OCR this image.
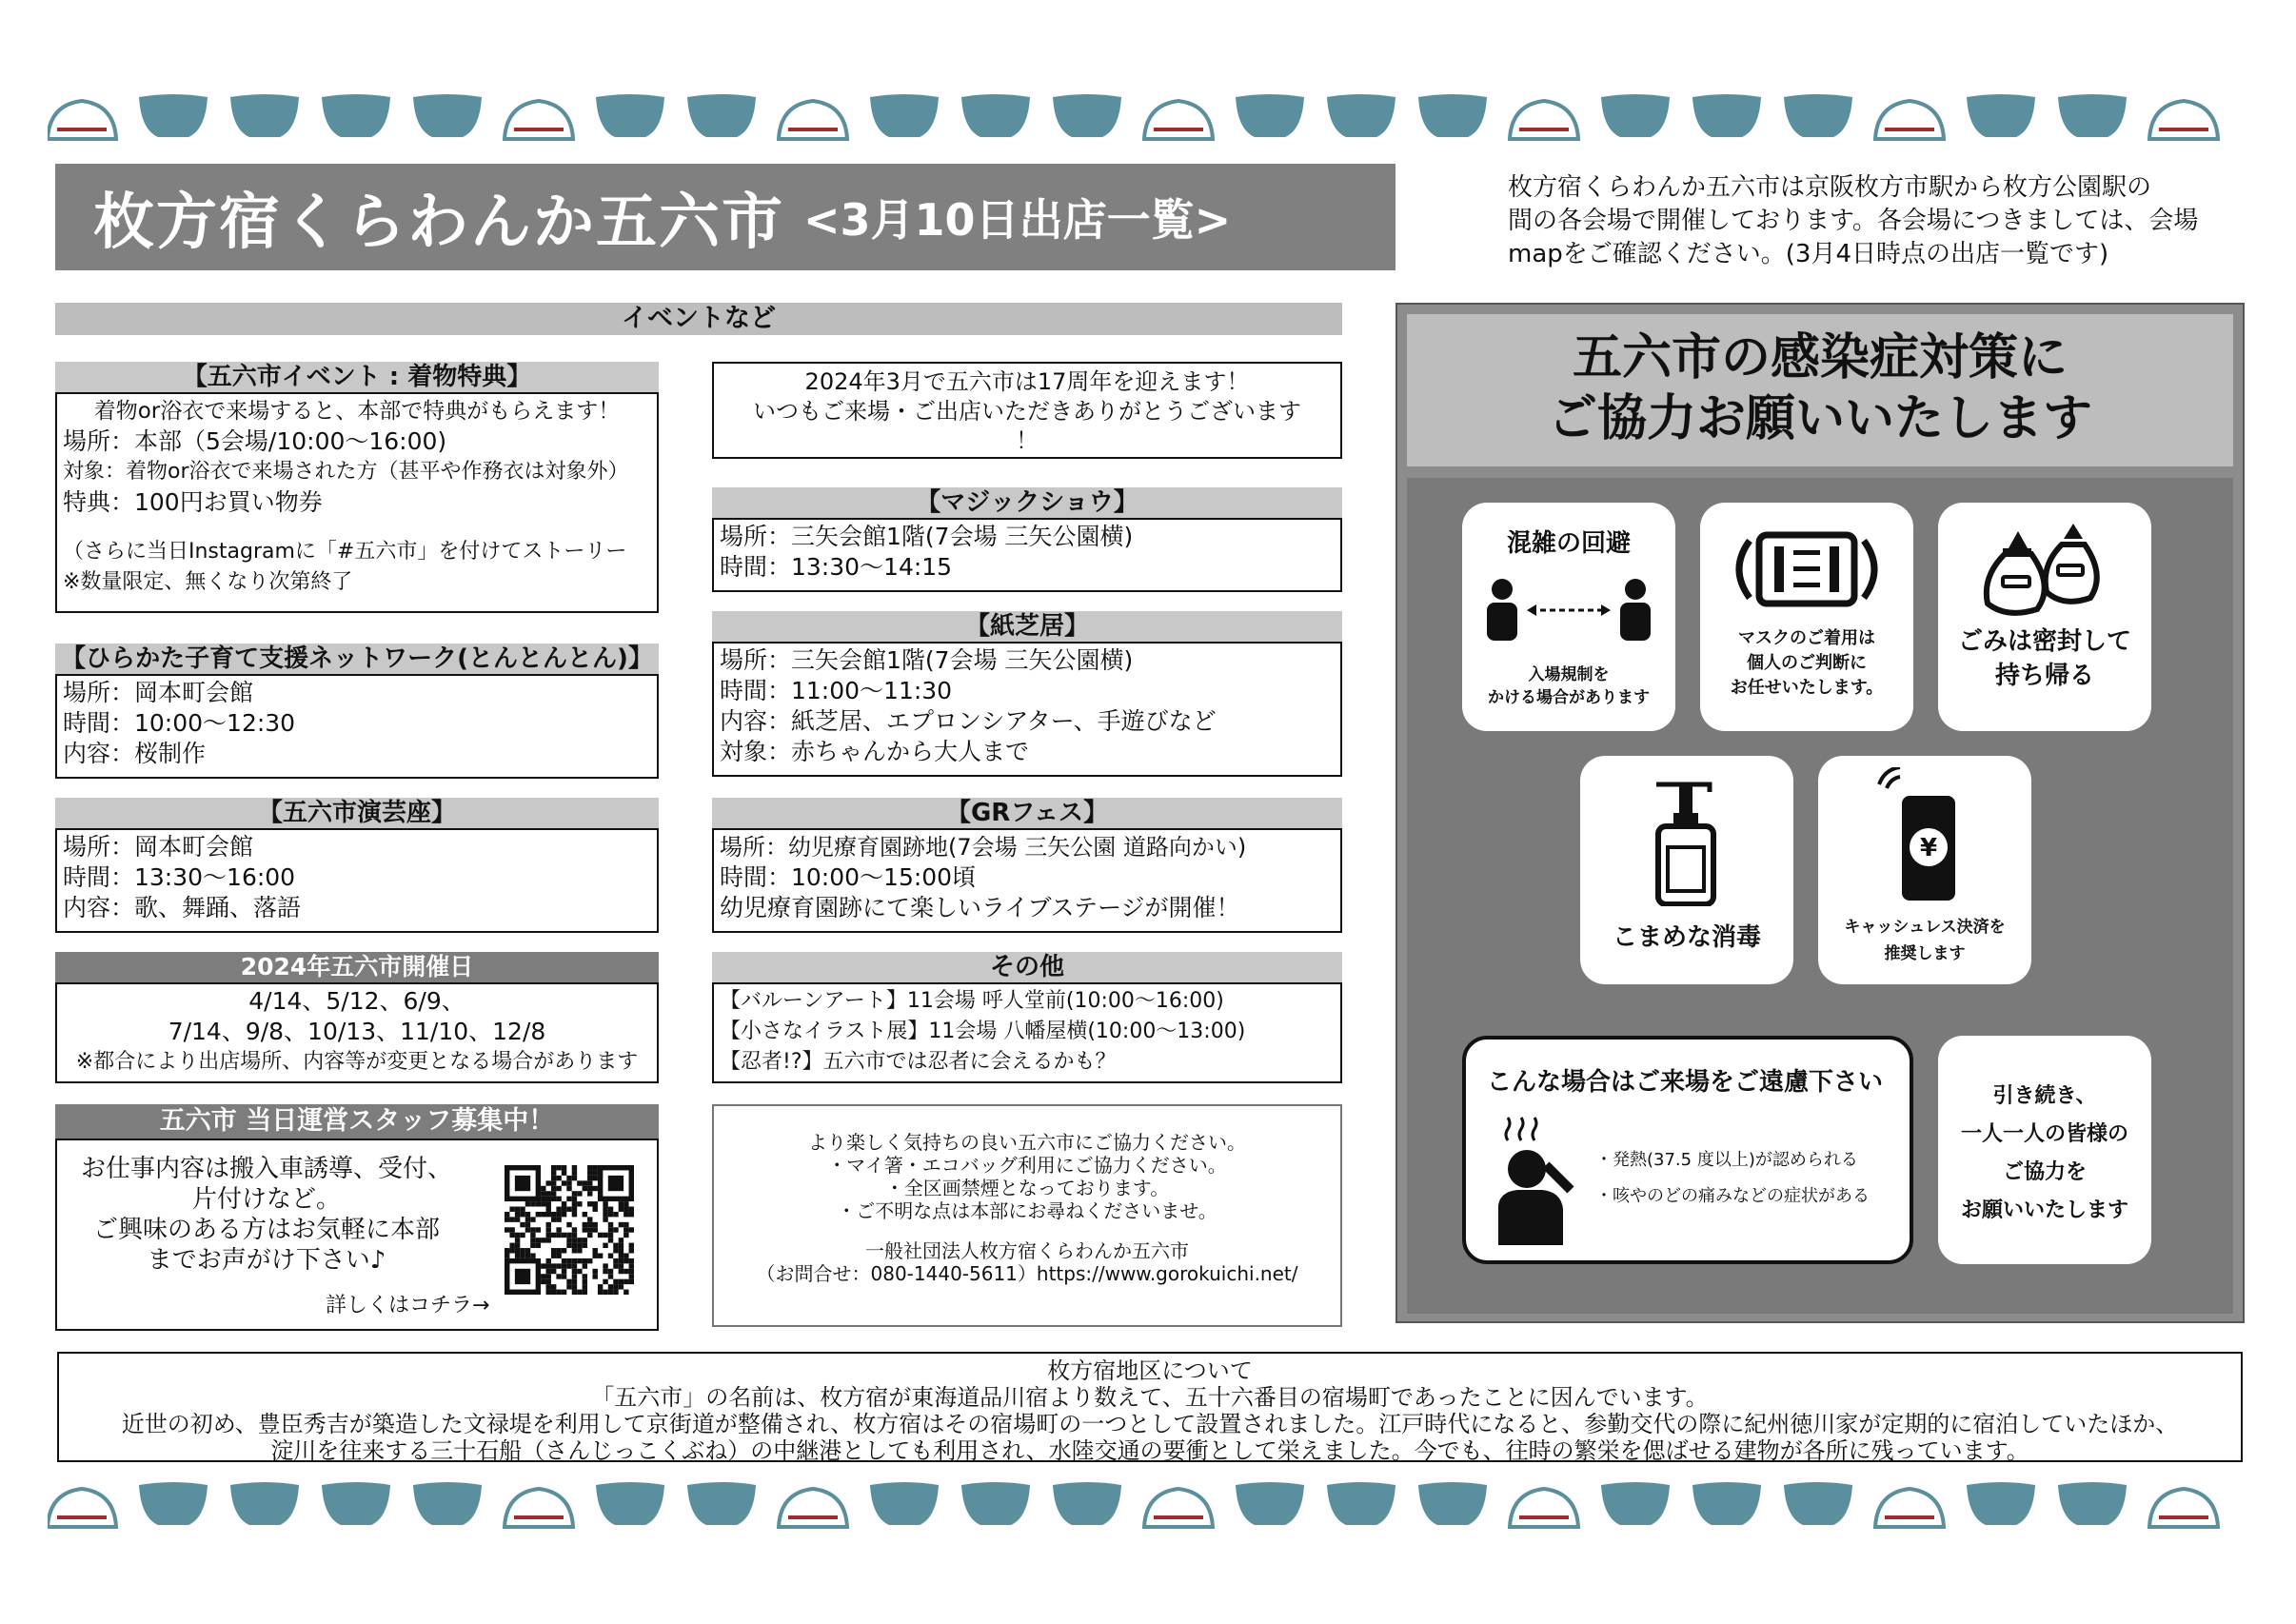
枚方宿くらわんか五六市 <3月10日出店一覧>
枚方宿くらわんか五六市は京阪枚方市駅から枚方公園駅の
間の各会場で開催しております。各会場につきましては、会場
mapをご確認ください。(3月4日時点の出店一覧です)
イベントなど
【五六市イベント : 着物特典】
着物or浴衣で来場すると、本部で特典がもらえます！
場所：本部（5会場/10:00～16:00)
対象：着物or浴衣で来場された方（甚平や作務衣は対象外）
特典：100円お買い物券
（さらに当日Instagramに「#五六市」を付けてストーリー
※数量限定、無くなり次第終了
【ひらかた子育て支援ネットワーク(とんとんとん)】
場所：岡本町会館
時間：10:00～12:30
内容：桜制作
【五六市演芸座】
場所：岡本町会館
時間：13:30～16:00
内容：歌、舞踊、落語
2024年五六市開催日
4/14、5/12、6/9、
7/14、9/8、10/13、11/10、12/8
※都合により出店場所、内容等が変更となる場合があります
五六市 当日運営スタッフ募集中！
お仕事内容は搬入車誘導、受付、
片付けなど。
ご興味のある方はお気軽に本部
までお声がけ下さい♪
詳しくはコチラ→
2024年3月で五六市は17周年を迎えます！
いつもご来場・ご出店いただきありがとうございます
！
【マジックショウ】
場所：三矢会館1階(7会場 三矢公園横)
時間：13:30～14:15
【紙芝居】
場所：三矢会館1階(7会場 三矢公園横)
時間：11:00～11:30
内容：紙芝居、エプロンシアター、手遊びなど
対象：赤ちゃんから大人まで
【GRフェス】
場所：幼児療育園跡地(7会場 三矢公園 道路向かい)
時間：10:00～15:00頃
幼児療育園跡にて楽しいライブステージが開催！
その他
【バルーンアート】11会場 呼人堂前(10:00～16:00)
【小さなイラスト展】11会場 八幡屋横(10:00～13:00)
【忍者!?】五六市では忍者に会えるかも？
より楽しく気持ちの良い五六市にご協力ください。
・マイ箸・エコバッグ利用にご協力ください。
・全区画禁煙となっております。
・ご不明な点は本部にお尋ねくださいませ。
一般社団法人枚方宿くらわんか五六市
（お問合せ：080-1440-5611）https://www.gorokuichi.net/
五六市の感染症対策に
ご協力お願いいたします
混雑の回避
入場規制を
かける場合があります
マスクのご着用は
個人のご判断に
お任せいたします。
ごみは密封して
持ち帰る
こまめな消毒
¥
キャッシュレス決済を
推奨します
こんな場合はご来場をご遠慮下さい
・発熱(37.5 度以上)が認められる
・咳やのどの痛みなどの症状がある
引き続き、
一人一人の皆様の
ご協力を
お願いいたします
枚方宿地区について
「五六市」の名前は、枚方宿が東海道品川宿より数えて、五十六番目の宿場町であったことに因んでいます。
近世の初め、豊臣秀吉が築造した文禄堤を利用して京街道が整備され、枚方宿はその宿場町の一つとして設置されました。江戸時代になると、参勤交代の際に紀州徳川家が定期的に宿泊していたほか、
淀川を往来する三十石船（さんじっこくぶね）の中継港としても利用され、水陸交通の要衝として栄えました。今でも、往時の繁栄を偲ばせる建物が各所に残っています。
